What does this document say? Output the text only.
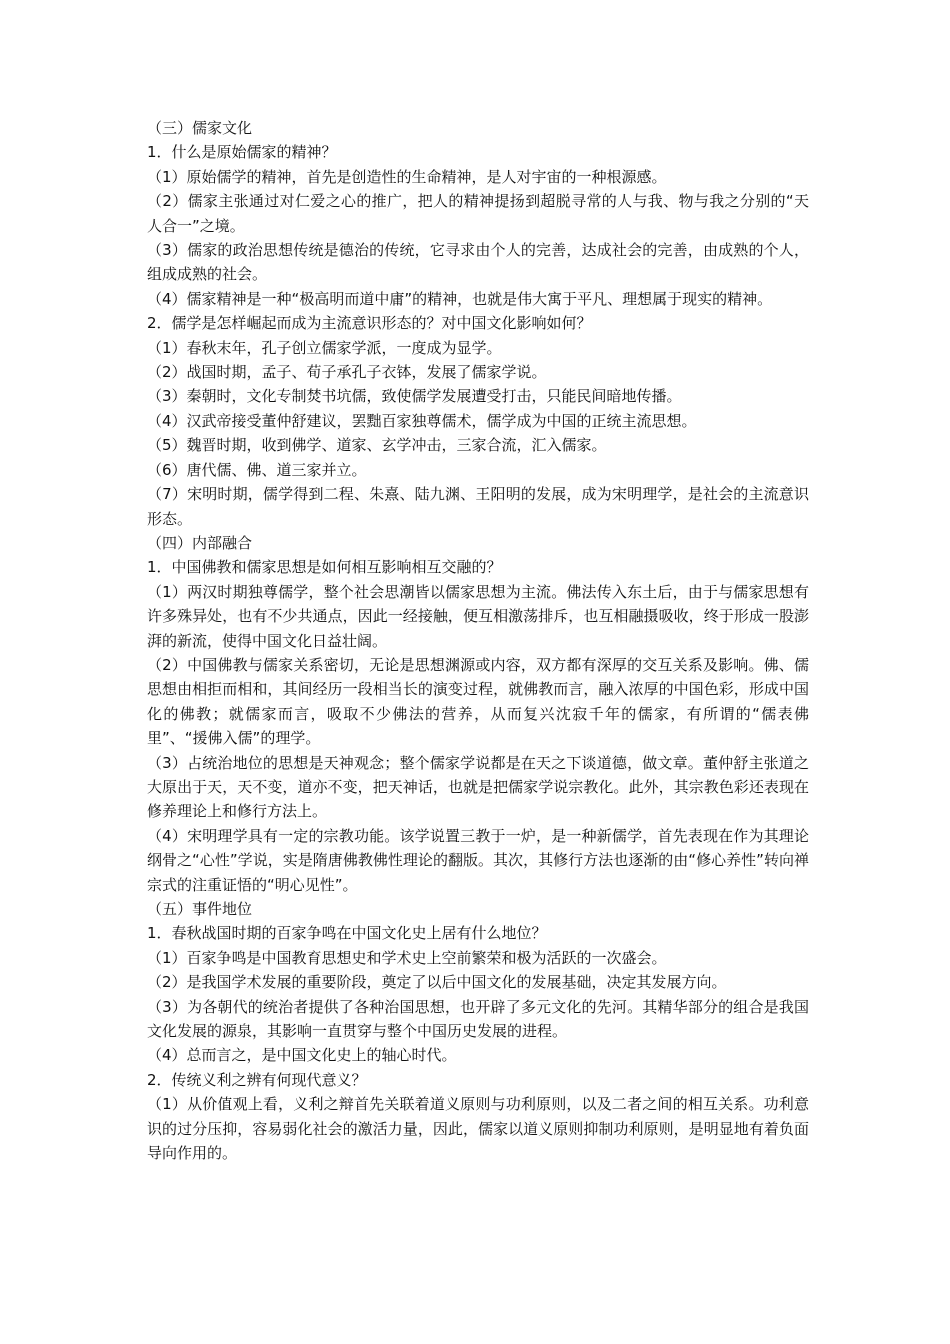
（三）儒家文化

1．什么是原始儒家的精神？

（1）原始儒学的精神，首先是创造性的生命精神，是人对宇宙的一种根源感。

（2）儒家主张通过对仁爱之心的推广，把人的精神提扬到超脱寻常的人与我、物与我之分别的“天人合一”之境。

（3）儒家的政治思想传统是德治的传统，它寻求由个人的完善，达成社会的完善，由成熟的个人，组成成熟的社会。

（4）儒家精神是一种“极高明而道中庸”的精神，也就是伟大寓于平凡、理想属于现实的精神。

2．儒学是怎样崛起而成为主流意识形态的？对中国文化影响如何？

（1）春秋末年，孔子创立儒家学派，一度成为显学。

（2）战国时期，孟子、荀子承孔子衣钵，发展了儒家学说。

（3）秦朝时，文化专制焚书坑儒，致使儒学发展遭受打击，只能民间暗地传播。

（4）汉武帝接受董仲舒建议，罢黜百家独尊儒术，儒学成为中国的正统主流思想。

（5）魏晋时期，收到佛学、道家、玄学冲击，三家合流，汇入儒家。

（6）唐代儒、佛、道三家并立。

（7）宋明时期，儒学得到二程、朱熹、陆九渊、王阳明的发展，成为宋明理学，是社会的主流意识形态。

（四）内部融合

1．中国佛教和儒家思想是如何相互影响相互交融的？

（1）两汉时期独尊儒学，整个社会思潮皆以儒家思想为主流。佛法传入东土后，由于与儒家思想有许多殊异处，也有不少共通点，因此一经接触，便互相激荡排斥，也互相融摄吸收，终于形成一股澎湃的新流，使得中国文化日益壮阔。

（2）中国佛教与儒家关系密切，无论是思想渊源或内容，双方都有深厚的交互关系及影响。佛、儒思想由相拒而相和，其间经历一段相当长的演变过程，就佛教而言，融入浓厚的中国色彩，形成中国化的佛教；就儒家而言，吸取不少佛法的营养，从而复兴沈寂千年的儒家，有所谓的“儒表佛里”、“援佛入儒”的理学。

（3）占统治地位的思想是天神观念；整个儒家学说都是在天之下谈道德，做文章。董仲舒主张道之大原出于天，天不变，道亦不变，把天神话，也就是把儒家学说宗教化。此外，其宗教色彩还表现在修养理论上和修行方法上。

（4）宋明理学具有一定的宗教功能。该学说置三教于一炉，是一种新儒学，首先表现在作为其理论纲骨之“心性”学说，实是隋唐佛教佛性理论的翻版。其次，其修行方法也逐渐的由“修心养性”转向禅宗式的注重证悟的“明心见性”。

（五）事件地位

1．春秋战国时期的百家争鸣在中国文化史上居有什么地位？

（1）百家争鸣是中国教育思想史和学术史上空前繁荣和极为活跃的一次盛会。

（2）是我国学术发展的重要阶段，奠定了以后中国文化的发展基础，决定其发展方向。

（3）为各朝代的统治者提供了各种治国思想，也开辟了多元文化的先河。其精华部分的组合是我国文化发展的源泉，其影响一直贯穿与整个中国历史发展的进程。

（4）总而言之，是中国文化史上的轴心时代。

2．传统义利之辨有何现代意义？

（1）从价值观上看，义利之辩首先关联着道义原则与功利原则，以及二者之间的相互关系。功利意识的过分压抑，容易弱化社会的激活力量，因此，儒家以道义原则抑制功利原则，是明显地有着负面导向作用的。
